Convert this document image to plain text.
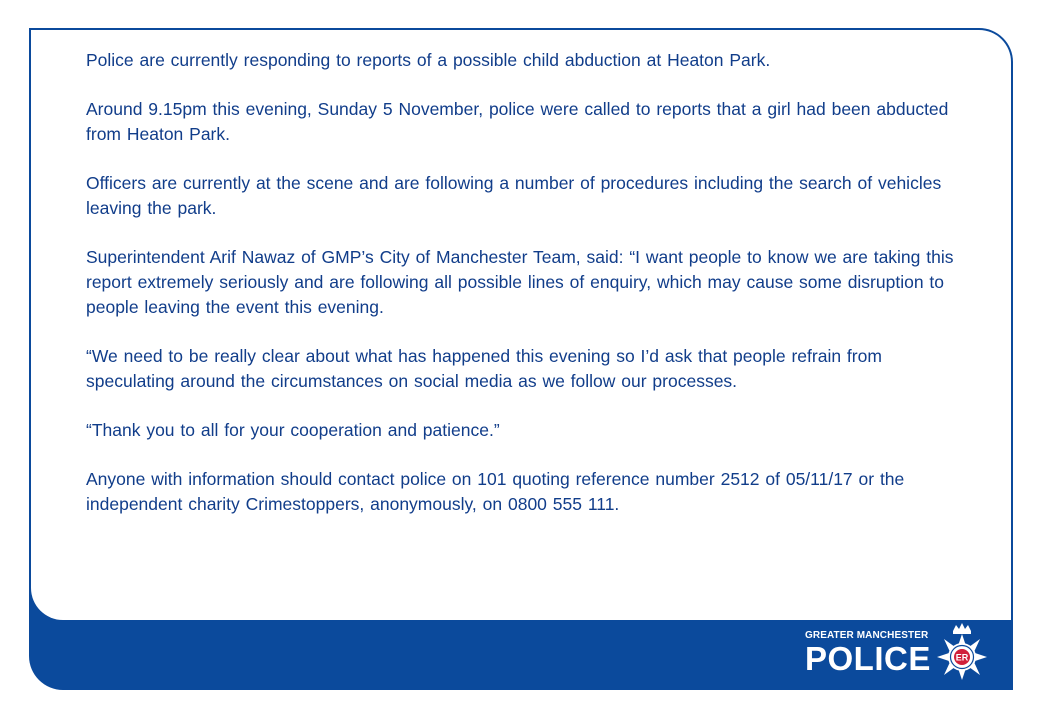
Police are currently responding to reports of a possible child abduction at Heaton Park.

Around 9.15pm this evening, Sunday 5 November, police were called to reports that a girl had been abducted from Heaton Park.

Officers are currently at the scene and are following a number of procedures including the search of vehicles leaving the park.

Superintendent Arif Nawaz of GMP’s City of Manchester Team, said: “I want people to know we are taking this report extremely seriously and are following all possible lines of enquiry, which may cause some disruption to people leaving the event this evening.

“We need to be really clear about what has happened this evening so I’d ask that people refrain from speculating around the circumstances on social media as we follow our processes.

“Thank you to all for your cooperation and patience.”

Anyone with information should contact police on 101 quoting reference number 2512 of 05/11/17 or the independent charity Crimestoppers, anonymously, on 0800 555 111.

GREATER MANCHESTER
POLICE	ER
